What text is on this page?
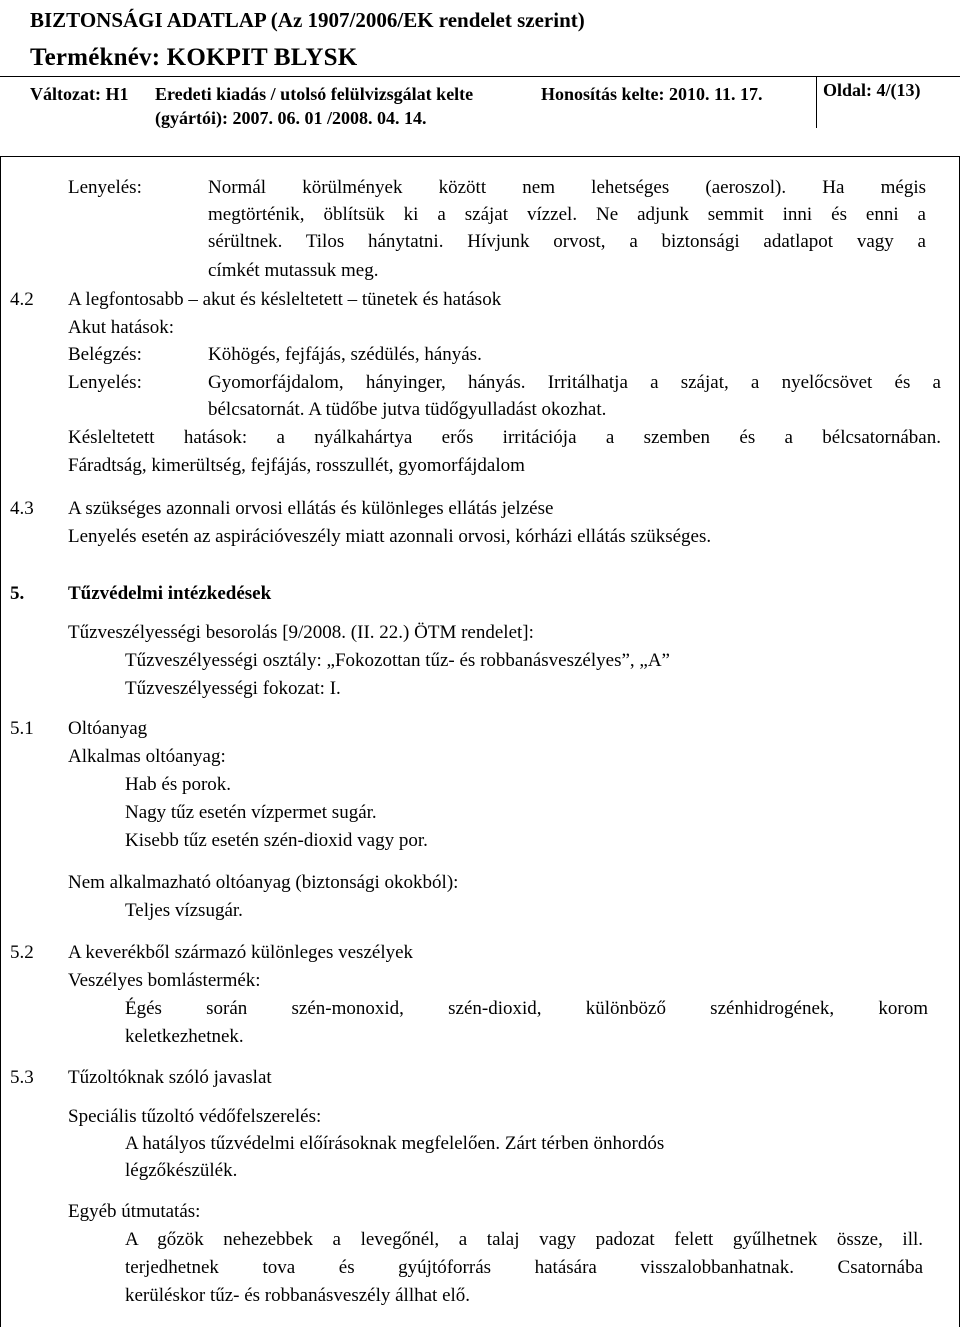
BIZTONSÁGI ADATLAP (Az 1907/2006/EK rendelet szerint)
Terméknév: KOKPIT BLYSK
Változat: H1 Eredeti kiadás / utolsó felülvizsgálat kelte
(gyártói): 2007. 06. 01 /2008. 04. 14.
Honosítás kelte: 2010. 11. 17.	Oldal: 4/(13)
Lenyelés:	Normál körülmények között nem lehetséges (aeroszol). Ha mégis
megtörténik, öblítsük ki a szájat vízzel. Ne adjunk semmit inni és enni a
sérültnek. Tilos hánytatni. Hívjunk orvost, a biztonsági adatlapot vagy a
címkét mutassuk meg.
4.2 A legfontosabb – akut és késleltetett – tünetek és hatások
Akut hatások:
Belégzés:	Köhögés, fejfájás, szédülés, hányás.
Lenyelés:	Gyomorfájdalom, hányinger, hányás. Irritálhatja a szájat, a nyelőcsövet és a
bélcsatornát. A tüdőbe jutva tüdőgyulladást okozhat.
Késleltetett hatások: a nyálkahártya erős irritációja a szemben és a bélcsatornában.
Fáradtság, kimerültség, fejfájás, rosszullét, gyomorfájdalom
4.3 A szükséges azonnali orvosi ellátás és különleges ellátás jelzése
Lenyelés esetén az aspirációveszély miatt azonnali orvosi, kórházi ellátás szükséges.
5. Tűzvédelmi intézkedések
Tűzveszélyességi besorolás [9/2008. (II. 22.) ÖTM rendelet]:
Tűzveszélyességi osztály: „Fokozottan tűz- és robbanásveszélyes”, „A”
Tűzveszélyességi fokozat: I.
5.1 Oltóanyag
Alkalmas oltóanyag:
Hab és porok.
Nagy tűz esetén vízpermet sugár.
Kisebb tűz esetén szén-dioxid vagy por.
Nem alkalmazható oltóanyag (biztonsági okokból):
Teljes vízsugár.
5.2 A keverékből származó különleges veszélyek
Veszélyes bomlástermék:
Égés során szén-monoxid, szén-dioxid, különböző szénhidrogének, korom
keletkezhetnek.
5.3 Tűzoltóknak szóló javaslat
Speciális tűzoltó védőfelszerelés:
A hatályos tűzvédelmi előírásoknak megfelelően. Zárt térben önhordós
légzőkészülék.
Egyéb útmutatás:
A gőzök nehezebbek a levegőnél, a talaj vagy padozat felett gyűlhetnek össze, ill.
terjedhetnek tova és gyújtóforrás hatására visszalobbanhatnak. Csatornába
kerüléskor tűz- és robbanásveszély állhat elő.
